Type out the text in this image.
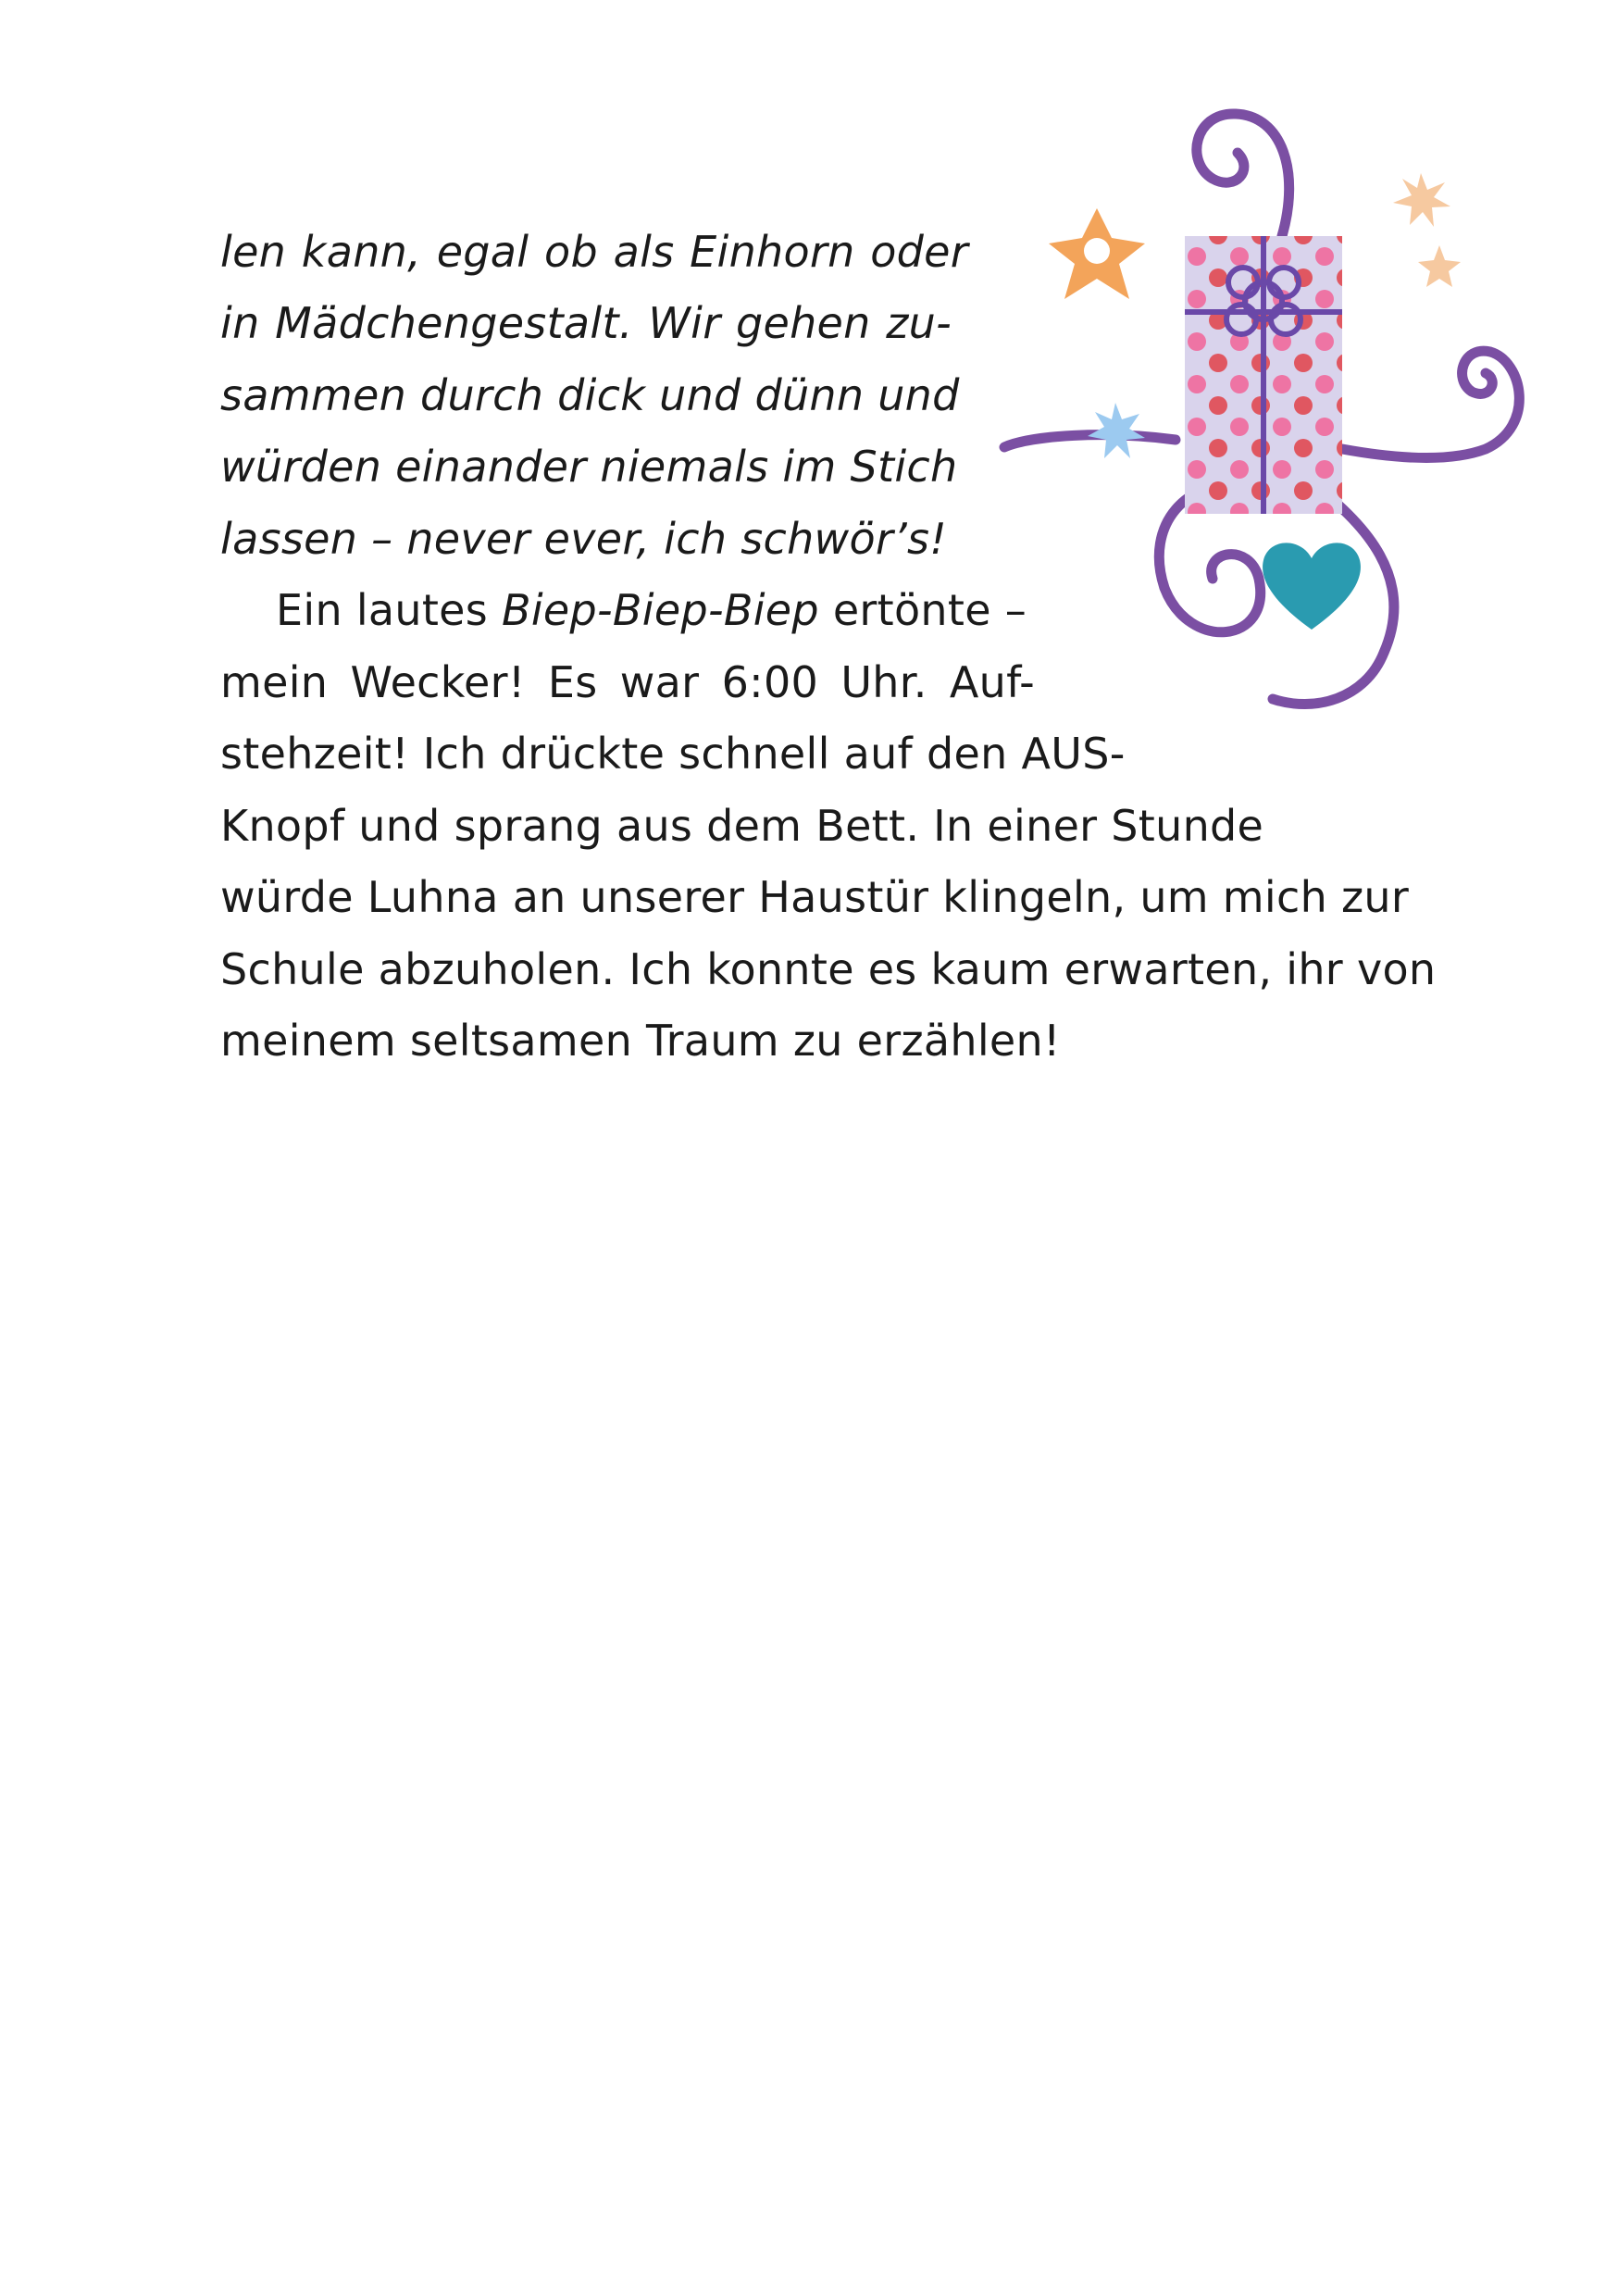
len kann, egal ob als Einhorn oder

in Mädchengestalt. Wir gehen zu-

sammen durch dick und dünn und

würden einander niemals im Stich

lassen – never ever, ich schwör’s!

Ein lautes Biep-Biep-Biep ertönte –

mein Wecker! Es war 6:00 Uhr. Auf-

stehzeit! Ich drückte schnell auf den AUS-

Knopf und sprang aus dem Bett. In einer Stunde

würde Luhna an unserer Haustür klingeln, um mich zur

Schule abzuholen. Ich konnte es kaum erwarten, ihr von

meinem seltsamen Traum zu erzählen!
